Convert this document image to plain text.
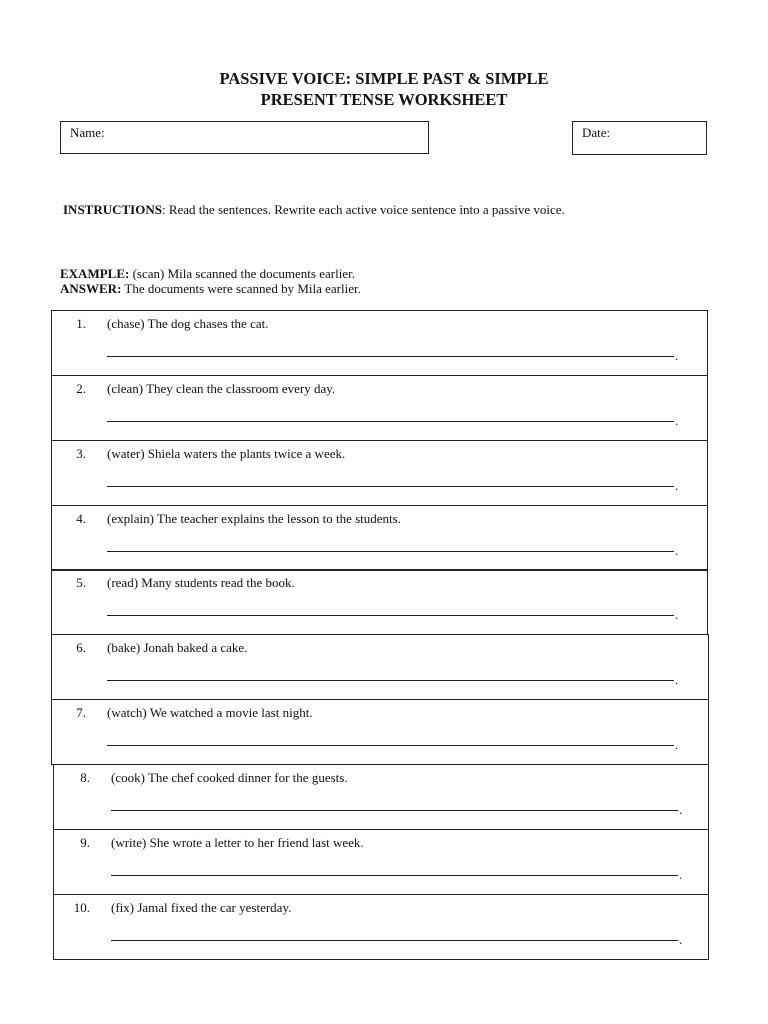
PASSIVE VOICE: SIMPLE PAST & SIMPLE
PRESENT TENSE WORKSHEET
Name:	Date:
INSTRUCTIONS: Read the sentences. Rewrite each active voice sentence into a passive voice.
EXAMPLE: (scan) Mila scanned the documents earlier.
ANSWER: The documents were scanned by Mila earlier.
1. (chase) The dog chases the cat.
.
2. (clean) They clean the classroom every day.
.
3. (water) Shiela waters the plants twice a week.
.
4. (explain) The teacher explains the lesson to the students.
.
5. (read) Many students read the book.
.
6. (bake) Jonah baked a cake.
.
7. (watch) We watched a movie last night.
.
8. (cook) The chef cooked dinner for the guests.
.
9. (write) She wrote a letter to her friend last week.
.
10. (fix) Jamal fixed the car yesterday.
.
